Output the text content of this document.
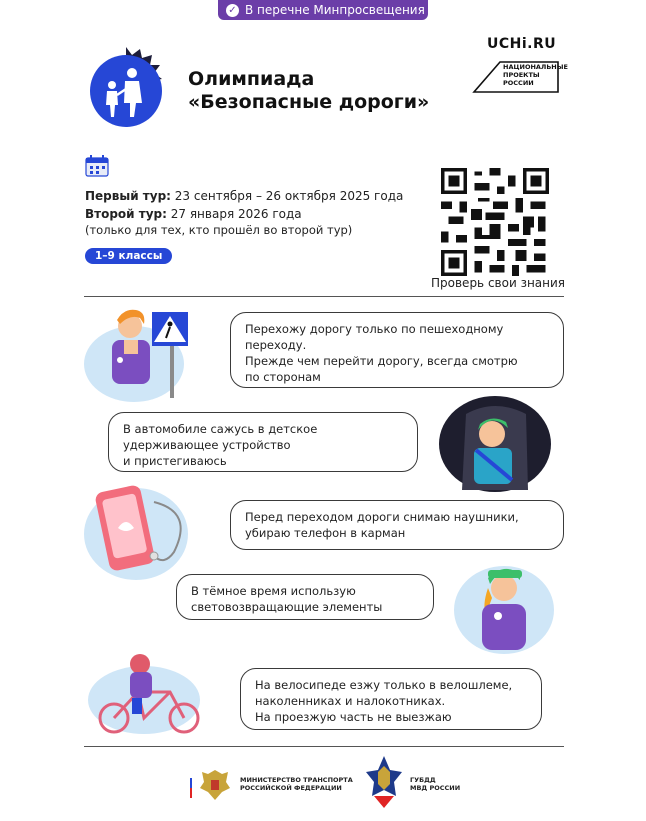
✓ В перечне Минпросвещения
Олимпиада
«Безопасные дороги»
UCHi.RU
НАЦИОНАЛЬНЫЕ
ПРОЕКТЫ
РОССИИ
Первый тур: 23 сентября – 26 октября 2025 года
Второй тур: 27 января 2026 года
(только для тех, кто прошёл во второй тур)
1–9 классы
Проверь свои знания
Перехожу дорогу только по пешеходному
переходу.
Прежде чем перейти дорогу, всегда смотрю
по сторонам
В автомобиле сажусь в детское
удерживающее устройство
и пристегиваюсь
Перед переходом дороги снимаю наушники,
убираю телефон в карман
В тёмное время использую
световозвращающие элементы
На велосипеде езжу только в велошлеме,
наколенниках и налокотниках.
На проезжую часть не выезжаю
МИНИСТЕРСТВО ТРАНСПОРТА
РОССИЙСКОЙ ФЕДЕРАЦИИ
ГУБДД
МВД РОССИИ
